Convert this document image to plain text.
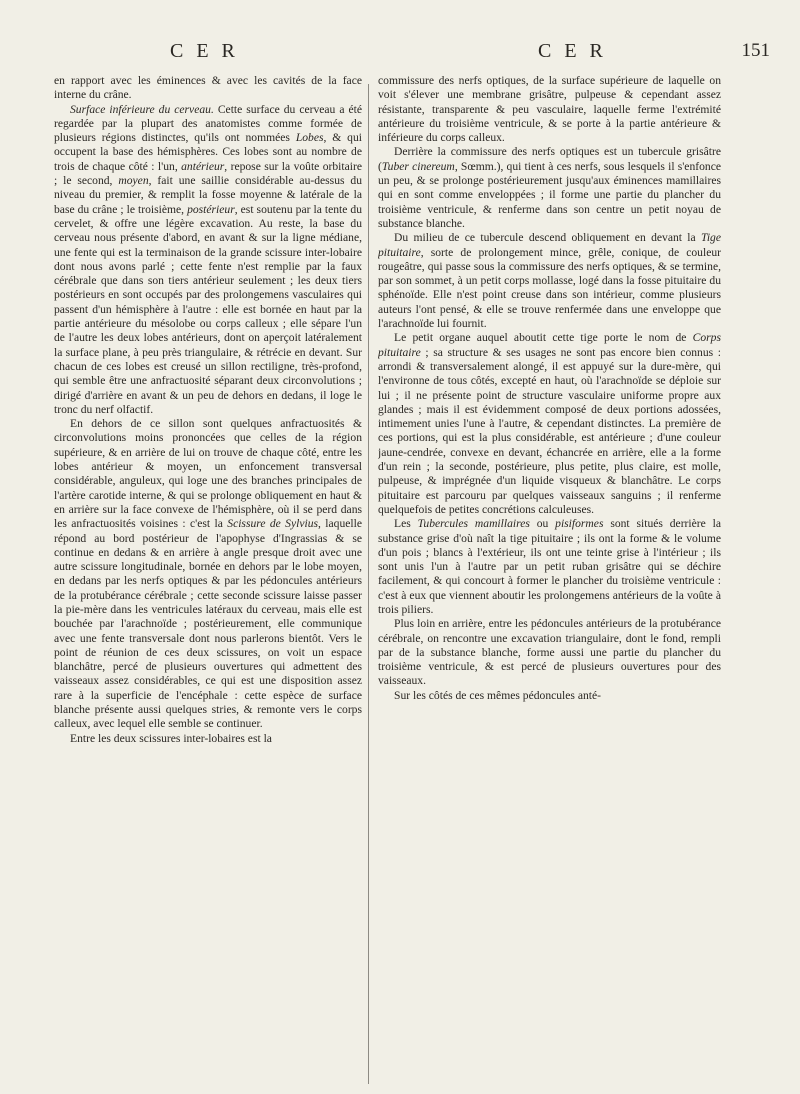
C E R	C E R	151

en rapport avec les éminences & avec les cavités de la face interne du crâne.

Surface inférieure du cerveau. Cette surface du cerveau a été regardée par la plupart des anatomistes comme formée de plusieurs régions distinctes, qu'ils ont nommées Lobes, & qui occupent la base des hémisphères. Ces lobes sont au nombre de trois de chaque côté : l'un, antérieur, repose sur la voûte orbitaire ; le second, moyen, fait une saillie considérable au-dessus du niveau du premier, & remplit la fosse moyenne & latérale de la base du crâne ; le troisième, postérieur, est soutenu par la tente du cervelet, & offre une légère excavation. Au reste, la base du cerveau nous présente d'abord, en avant & sur la ligne médiane, une fente qui est la terminaison de la grande scissure inter-lobaire dont nous avons parlé ; cette fente n'est remplie par la faux cérébrale que dans son tiers antérieur seulement ; les deux tiers postérieurs en sont occupés par des prolongemens vasculaires qui passent d'un hémisphère à l'autre : elle est bornée en haut par la partie antérieure du mésolobe ou corps calleux ; elle sépare l'un de l'autre les deux lobes antérieurs, dont on aperçoit latéralement la surface plane, à peu près triangulaire, & rétrécie en devant. Sur chacun de ces lobes est creusé un sillon rectiligne, très-profond, qui semble être une anfractuosité séparant deux circonvolutions ; dirigé d'arrière en avant & un peu de dehors en dedans, il loge le tronc du nerf olfactif.

En dehors de ce sillon sont quelques anfractuosités & circonvolutions moins prononcées que celles de la région supérieure, & en arrière de lui on trouve de chaque côté, entre les lobes antérieur & moyen, un enfoncement transversal considérable, anguleux, qui loge une des branches principales de l'artère carotide interne, & qui se prolonge obliquement en haut & en arrière sur la face convexe de l'hémisphère, où il se perd dans les anfractuosités voisines : c'est la Scissure de Sylvius, laquelle répond au bord postérieur de l'apophyse d'Ingrassias & se continue en dedans & en arrière à angle presque droit avec une autre scissure longitudinale, bornée en dehors par le lobe moyen, en dedans par les nerfs optiques & par les pédoncules antérieurs de la protubérance cérébrale ; cette seconde scissure laisse passer la pie-mère dans les ventricules latéraux du cerveau, mais elle est bouchée par l'arachnoïde ; postérieurement, elle communique avec une fente transversale dont nous parlerons bientôt. Vers le point de réunion de ces deux scissures, on voit un espace blanchâtre, percé de plusieurs ouvertures qui admettent des vaisseaux assez considérables, ce qui est une disposition assez rare à la superficie de l'encéphale : cette espèce de surface blanche présente aussi quelques stries, & remonte vers le corps calleux, avec lequel elle semble se continuer.

Entre les deux scissures inter-lobaires est la

commissure des nerfs optiques, de la surface supérieure de laquelle on voit s'élever une membrane grisâtre, pulpeuse & cependant assez résistante, transparente & peu vasculaire, laquelle ferme l'extrémité antérieure du troisième ventricule, & se porte à la partie antérieure & inférieure du corps calleux.

Derrière la commissure des nerfs optiques est un tubercule grisâtre (Tuber cinereum, Sœmm.), qui tient à ces nerfs, sous lesquels il s'enfonce un peu, & se prolonge postérieurement jusqu'aux éminences mamillaires qui en sont comme enveloppées ; il forme une partie du plancher du troisième ventricule, & renferme dans son centre un petit noyau de substance blanche.

Du milieu de ce tubercule descend obliquement en devant la Tige pituitaire, sorte de prolongement mince, grêle, conique, de couleur rougeâtre, qui passe sous la commissure des nerfs optiques, & se termine, par son sommet, à un petit corps mollasse, logé dans la fosse pituitaire du sphénoïde. Elle n'est point creuse dans son intérieur, comme plusieurs auteurs l'ont pensé, & elle se trouve renfermée dans une enveloppe que l'arachnoïde lui fournit.

Le petit organe auquel aboutit cette tige porte le nom de Corps pituitaire ; sa structure & ses usages ne sont pas encore bien connus : arrondi & transversalement alongé, il est appuyé sur la dure-mère, qui l'environne de tous côtés, excepté en haut, où l'arachnoïde se déploie sur lui ; il ne présente point de structure vasculaire uniforme propre aux glandes ; mais il est évidemment composé de deux portions adossées, intimement unies l'une à l'autre, & cependant distinctes. La première de ces portions, qui est la plus considérable, est antérieure ; d'une couleur jaune-cendrée, convexe en devant, échancrée en arrière, elle a la forme d'un rein ; la seconde, postérieure, plus petite, plus claire, est molle, pulpeuse, & imprégnée d'un liquide visqueux & blanchâtre. Le corps pituitaire est parcouru par quelques vaisseaux sanguins ; il renferme quelquefois de petites concrétions calculeuses.

Les Tubercules mamillaires ou pisiformes sont situés derrière la substance grise d'où naît la tige pituitaire ; ils ont la forme & le volume d'un pois ; blancs à l'extérieur, ils ont une teinte grise à l'intérieur ; ils sont unis l'un à l'autre par un petit ruban grisâtre qui se déchire facilement, & qui concourt à former le plancher du troisième ventricule : c'est à eux que viennent aboutir les prolongemens antérieurs de la voûte à trois piliers.

Plus loin en arrière, entre les pédoncules antérieurs de la protubérance cérébrale, on rencontre une excavation triangulaire, dont le fond, rempli par de la substance blanche, forme aussi une partie du plancher du troisième ventricule, & est percé de plusieurs ouvertures pour des vaisseaux.

Sur les côtés de ces mêmes pédoncules anté-
